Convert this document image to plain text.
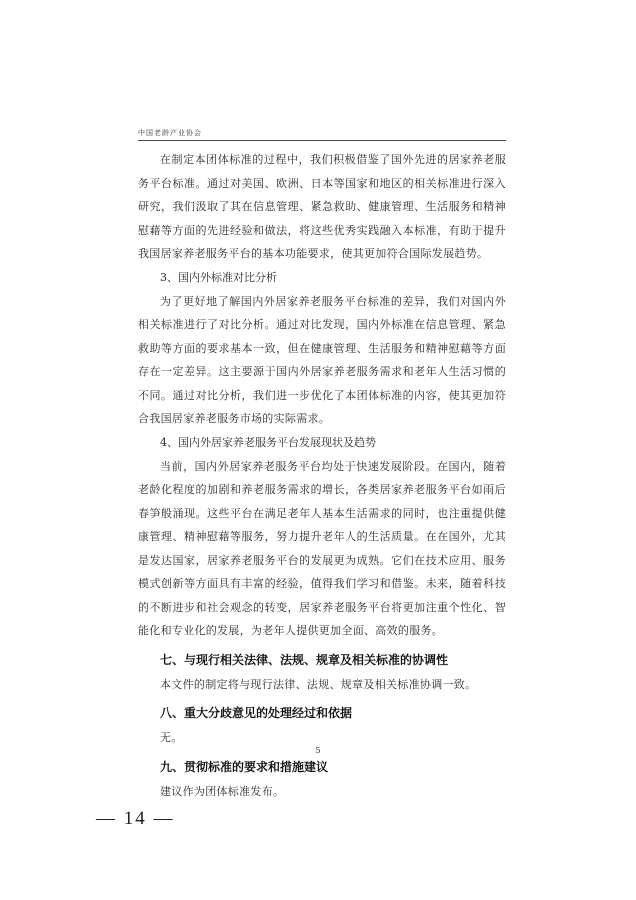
中国老龄产业协会

在制定本团体标准的过程中，我们积极借鉴了国外先进的居家养老服务平台标准。通过对美国、欧洲、日本等国家和地区的相关标准进行深入研究，我们汲取了其在信息管理、紧急救助、健康管理、生活服务和精神慰藉等方面的先进经验和做法，将这些优秀实践融入本标准，有助于提升我国居家养老服务平台的基本功能要求，使其更加符合国际发展趋势。

3、国内外标准对比分析

为了更好地了解国内外居家养老服务平台标准的差异，我们对国内外相关标准进行了对比分析。通过对比发现，国内外标准在信息管理、紧急救助等方面的要求基本一致，但在健康管理、生活服务和精神慰藉等方面存在一定差异。这主要源于国内外居家养老服务需求和老年人生活习惯的不同。通过对比分析，我们进一步优化了本团体标准的内容，使其更加符合我国居家养老服务市场的实际需求。

4、国内外居家养老服务平台发展现状及趋势

当前，国内外居家养老服务平台均处于快速发展阶段。在国内，随着老龄化程度的加剧和养老服务需求的增长，各类居家养老服务平台如雨后春笋般涌现。这些平台在满足老年人基本生活需求的同时，也注重提供健康管理、精神慰藉等服务，努力提升老年人的生活质量。在在国外，尤其是发达国家，居家养老服务平台的发展更为成熟。它们在技术应用、服务模式创新等方面具有丰富的经验，值得我们学习和借鉴。未来，随着科技的不断进步和社会观念的转变，居家养老服务平台将更加注重个性化、智能化和专业化的发展，为老年人提供更加全面、高效的服务。

七、与现行相关法律、法规、规章及相关标准的协调性

本文件的制定将与现行法律、法规、规章及相关标准协调一致。

八、重大分歧意见的处理经过和依据

无。

九、贯彻标准的要求和措施建议

建议作为团体标准发布。

5
— 14 —
